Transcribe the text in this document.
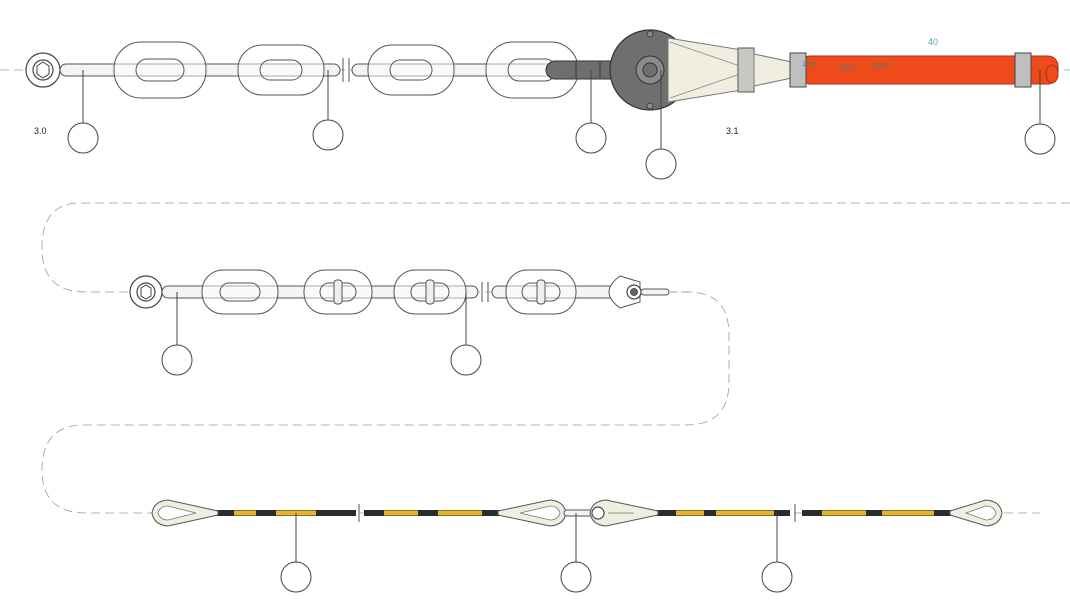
40
14.0
122.0 124.0
3.0	3.1
